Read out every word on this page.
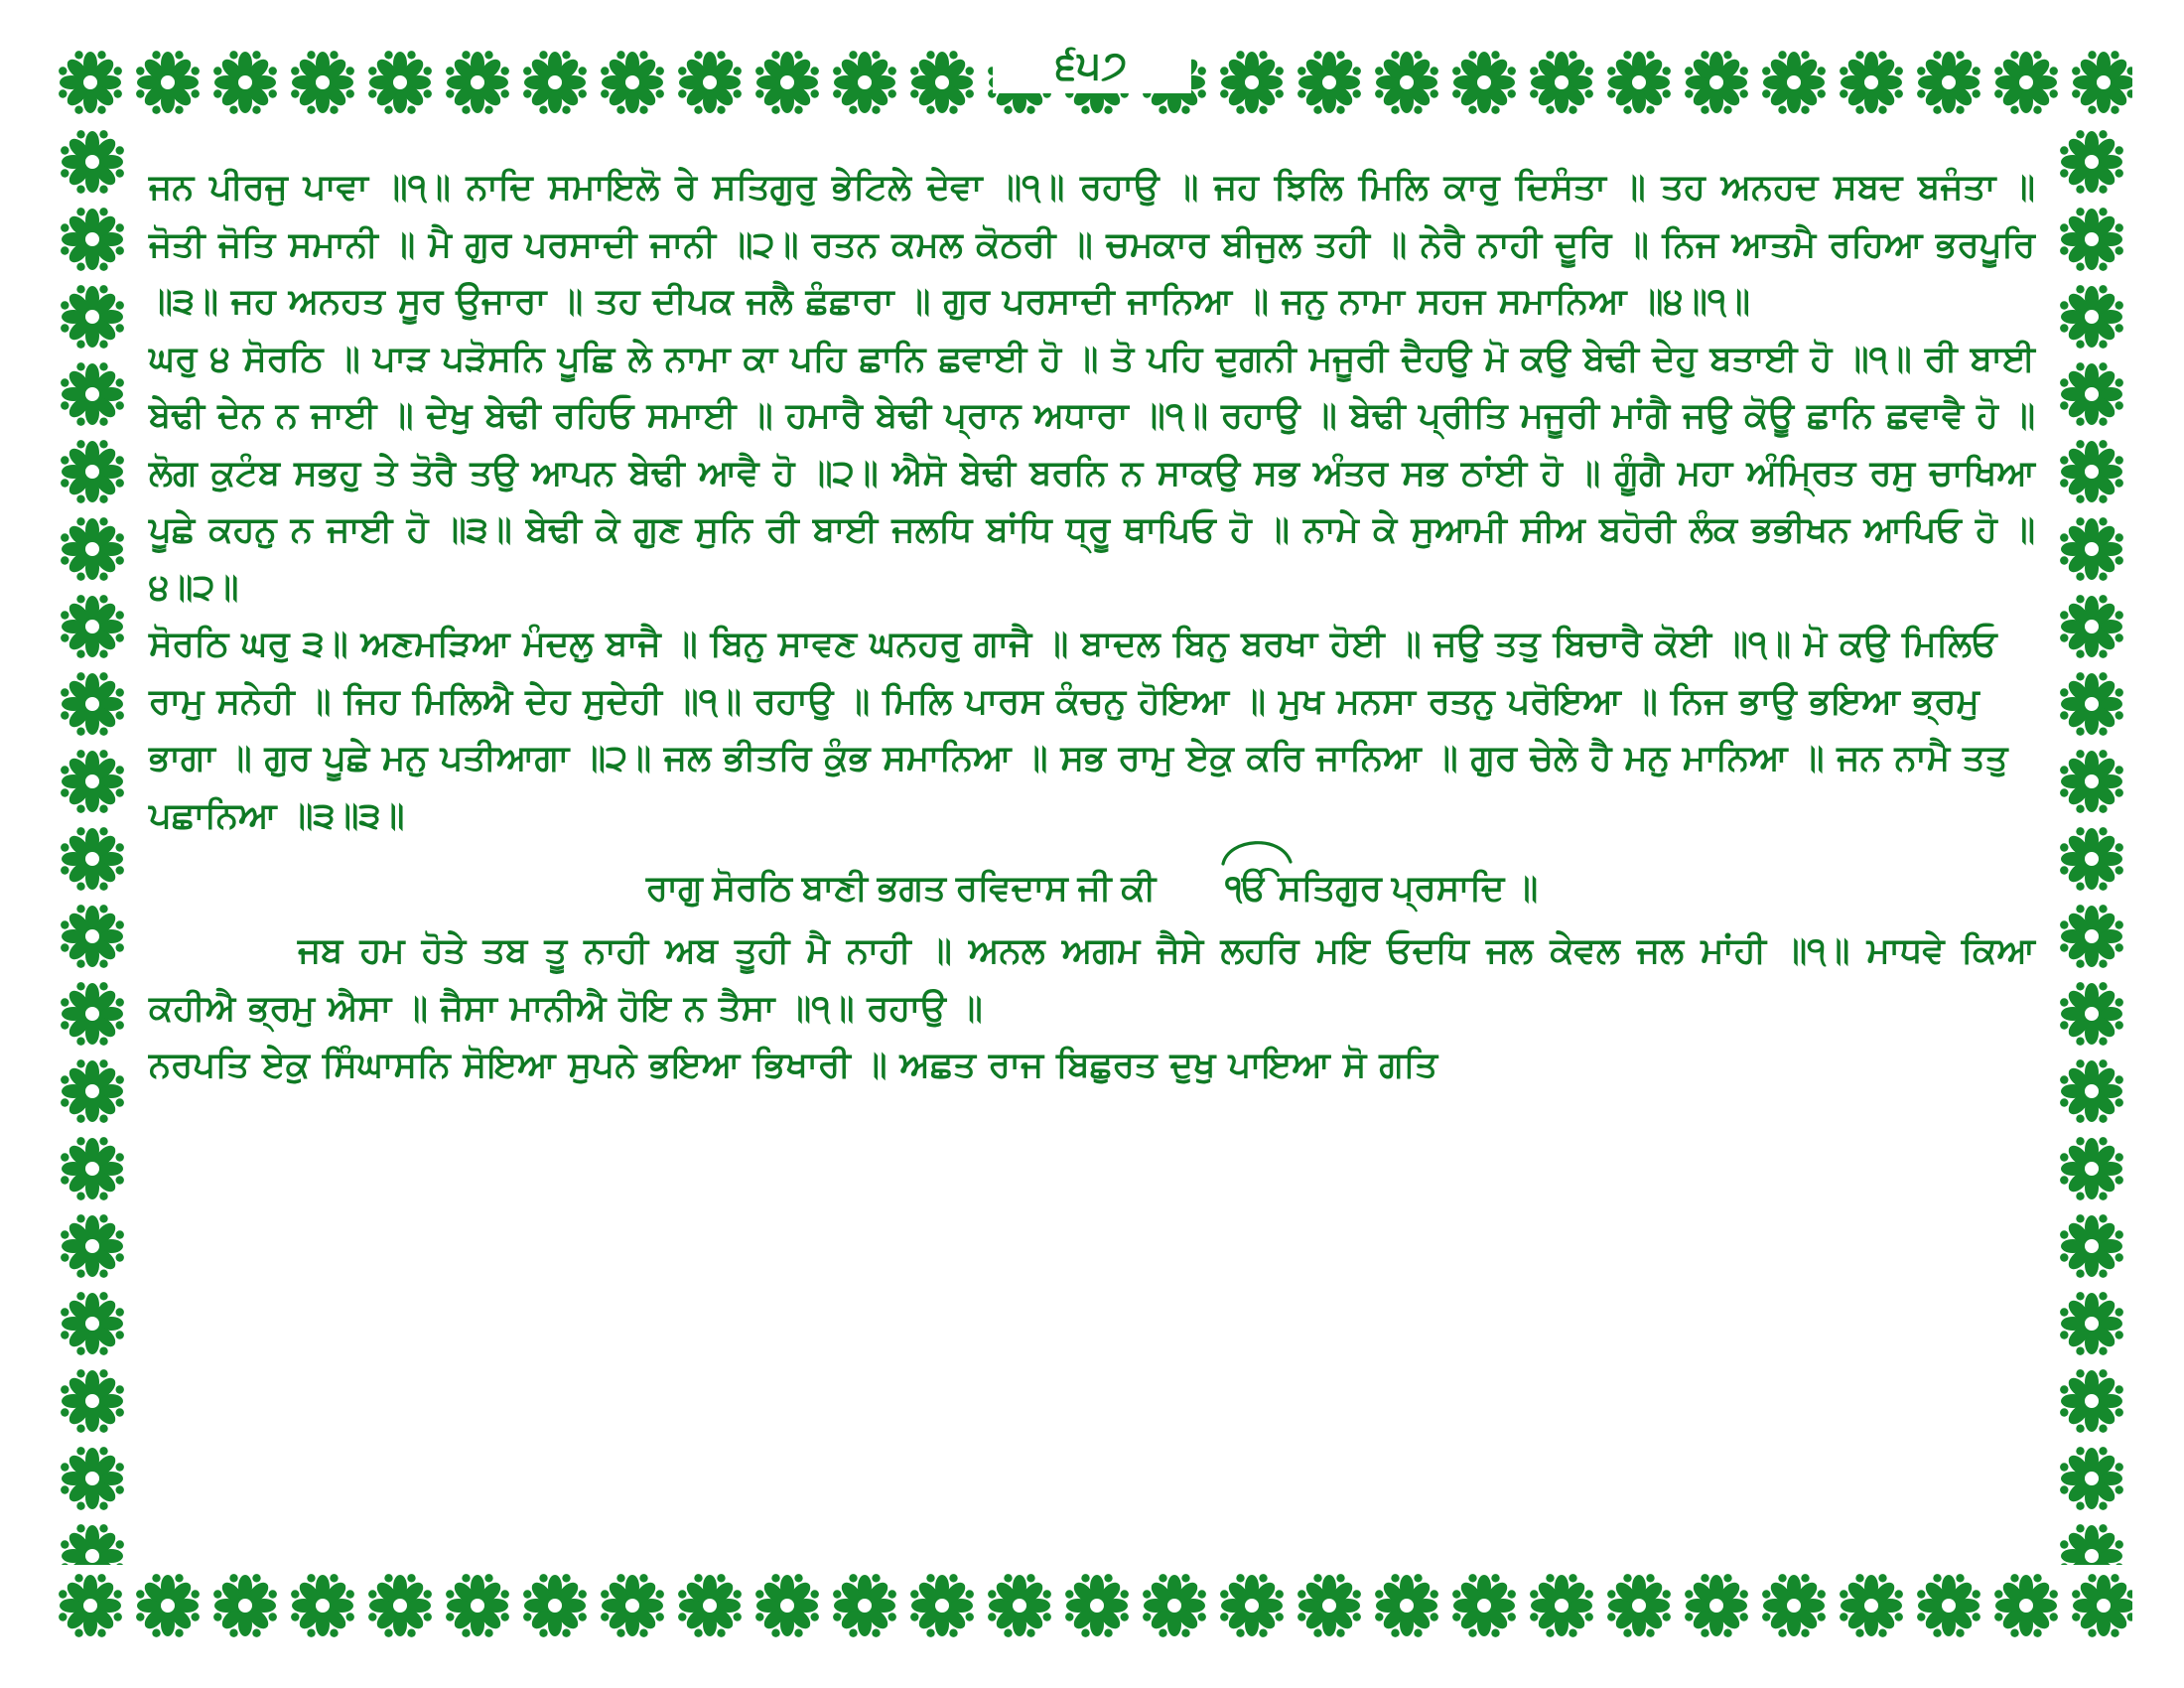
੬੫੭

ਜਨ ਪੀਰਜੁ ਪਾਵਾ ॥੧॥ ਨਾਦਿ ਸਮਾਇਲੋ ਰੇ ਸਤਿਗੁਰੁ ਭੇਟਿਲੇ ਦੇਵਾ ॥੧॥ ਰਹਾਉ ॥ ਜਹ ਝਿਲਿ ਮਿਲਿ ਕਾਰੁ ਦਿਸੰਤਾ ॥ ਤਹ ਅਨਹਦ ਸਬਦ ਬਜੰਤਾ ॥ ਜੋਤੀ ਜੋਤਿ ਸਮਾਨੀ ॥ ਮੈ ਗੁਰ ਪਰਸਾਦੀ ਜਾਨੀ ॥੨॥ ਰਤਨ ਕਮਲ ਕੋਠਰੀ ॥ ਚਮਕਾਰ ਬੀਜੁਲ ਤਹੀ ॥ ਨੇਰੈ ਨਾਹੀ ਦੂਰਿ ॥ ਨਿਜ ਆਤਮੈ ਰਹਿਆ ਭਰਪੂਰਿ ॥੩॥ ਜਹ ਅਨਹਤ ਸੂਰ ਉਜਾਰਾ ॥ ਤਹ ਦੀਪਕ ਜਲੈ ਛੰਛਾਰਾ ॥ ਗੁਰ ਪਰਸਾਦੀ ਜਾਨਿਆ ॥ ਜਨੁ ਨਾਮਾ ਸਹਜ ਸਮਾਨਿਆ ॥੪॥੧॥

ਘਰੁ ੪ ਸੋਰਠਿ ॥ ਪਾੜ ਪੜੋਸਨਿ ਪੂਛਿ ਲੇ ਨਾਮਾ ਕਾ ਪਹਿ ਛਾਨਿ ਛਵਾਈ ਹੋ ॥ ਤੋ ਪਹਿ ਦੁਗਨੀ ਮਜੂਰੀ ਦੈਹਉ ਮੋ ਕਉ ਬੇਢੀ ਦੇਹੁ ਬਤਾਈ ਹੋ ॥੧॥ ਰੀ ਬਾਈ ਬੇਢੀ ਦੇਨ ਨ ਜਾਈ ॥ ਦੇਖੁ ਬੇਢੀ ਰਹਿਓ ਸਮਾਈ ॥ ਹਮਾਰੈ ਬੇਢੀ ਪ੍ਰਾਨ ਅਧਾਰਾ ॥੧॥ ਰਹਾਉ ॥ ਬੇਢੀ ਪ੍ਰੀਤਿ ਮਜੂਰੀ ਮਾਂਗੈ ਜਉ ਕੋਊ ਛਾਨਿ ਛਵਾਵੈ ਹੋ ॥ ਲੋਗ ਕੁਟੰਬ ਸਭਹੁ ਤੇ ਤੋਰੈ ਤਉ ਆਪਨ ਬੇਢੀ ਆਵੈ ਹੋ ॥੨॥ ਐਸੋ ਬੇਢੀ ਬਰਨਿ ਨ ਸਾਕਉ ਸਭ ਅੰਤਰ ਸਭ ਠਾਂਈ ਹੋ ॥ ਗੂੰਗੈ ਮਹਾ ਅੰਮ੍ਰਿਤ ਰਸੁ ਚਾਖਿਆ ਪੂਛੇ ਕਹਨੁ ਨ ਜਾਈ ਹੋ ॥੩॥ ਬੇਢੀ ਕੇ ਗੁਣ ਸੁਨਿ ਰੀ ਬਾਈ ਜਲਧਿ ਬਾਂਧਿ ਧ੍ਰੂ ਥਾਪਿਓ ਹੋ ॥ ਨਾਮੇ ਕੇ ਸੁਆਮੀ ਸੀਅ ਬਹੋਰੀ ਲੰਕ ਭਭੀਖਨ ਆਪਿਓ ਹੋ ॥੪॥੨॥

ਸੋਰਠਿ ਘਰੁ ੩॥ ਅਣਮੜਿਆ ਮੰਦਲੁ ਬਾਜੈ ॥ ਬਿਨੁ ਸਾਵਣ ਘਨਹਰੁ ਗਾਜੈ ॥ ਬਾਦਲ ਬਿਨੁ ਬਰਖਾ ਹੋਈ ॥ ਜਉ ਤਤੁ ਬਿਚਾਰੈ ਕੋਈ ॥੧॥ ਮੋ ਕਉ ਮਿਲਿਓ ਰਾਮੁ ਸਨੇਹੀ ॥ ਜਿਹ ਮਿਲਿਐ ਦੇਹ ਸੁਦੇਹੀ ॥੧॥ ਰਹਾਉ ॥ ਮਿਲਿ ਪਾਰਸ ਕੰਚਨੁ ਹੋਇਆ ॥ ਮੁਖ ਮਨਸਾ ਰਤਨੁ ਪਰੋਇਆ ॥ ਨਿਜ ਭਾਉ ਭਇਆ ਭ੍ਰਮੁ ਭਾਗਾ ॥ ਗੁਰ ਪੂਛੇ ਮਨੁ ਪਤੀਆਗਾ ॥੨॥ ਜਲ ਭੀਤਰਿ ਕੁੰਭ ਸਮਾਨਿਆ ॥ ਸਭ ਰਾਮੁ ਏਕੁ ਕਰਿ ਜਾਨਿਆ ॥ ਗੁਰ ਚੇਲੇ ਹੈ ਮਨੁ ਮਾਨਿਆ ॥ ਜਨ ਨਾਮੈ ਤਤੁ ਪਛਾਨਿਆ ॥੩॥੩॥

ਰਾਗੁ ਸੋਰਠਿ ਬਾਣੀ ਭਗਤ ਰਵਿਦਾਸ ਜੀ ਕੀ ੴ ਸਤਿਗੁਰ ਪ੍ਰਸਾਦਿ ॥

ਜਬ ਹਮ ਹੋਤੇ ਤਬ ਤੂ ਨਾਹੀ ਅਬ ਤੂਹੀ ਮੈ ਨਾਹੀ ॥ ਅਨਲ ਅਗਮ ਜੈਸੇ ਲਹਰਿ ਮਇ ਓਦਧਿ ਜਲ ਕੇਵਲ ਜਲ ਮਾਂਹੀ ॥੧॥ ਮਾਧਵੇ ਕਿਆ ਕਹੀਐ ਭ੍ਰਮੁ ਐਸਾ ॥ ਜੈਸਾ ਮਾਨੀਐ ਹੋਇ ਨ ਤੈਸਾ ॥੧॥ ਰਹਾਉ ॥

ਨਰਪਤਿ ਏਕੁ ਸਿੰਘਾਸਨਿ ਸੋਇਆ ਸੁਪਨੇ ਭਇਆ ਭਿਖਾਰੀ ॥ ਅਛਤ ਰਾਜ ਬਿਛੁਰਤ ਦੁਖੁ ਪਾਇਆ ਸੋ ਗਤਿ
